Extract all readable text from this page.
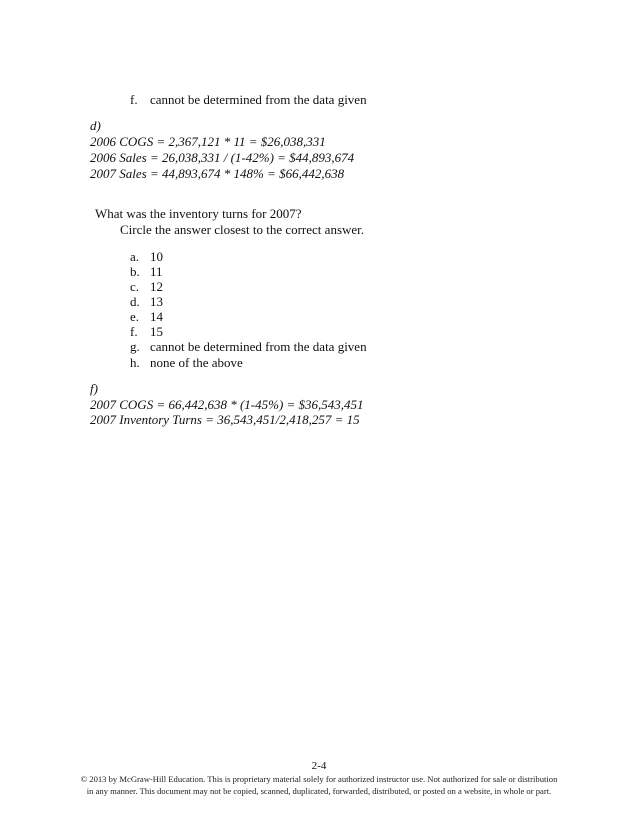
f. cannot be determined from the data given
d)
2006 COGS = 2,367,121 * 11 = $26,038,331
2006 Sales = 26,038,331 / (1-42%) = $44,893,674
2007 Sales = 44,893,674 * 148% = $66,442,638
What was the inventory turns for 2007?
Circle the answer closest to the correct answer.
a. 10
b. 11
c. 12
d. 13
e. 14
f. 15
g. cannot be determined from the data given
h. none of the above
f)
2007 COGS = 66,442,638 * (1-45%) = $36,543,451
2007 Inventory Turns = 36,543,451/2,418,257 = 15
2-4
© 2013 by McGraw-Hill Education. This is proprietary material solely for authorized instructor use. Not authorized for sale or distribution in any manner. This document may not be copied, scanned, duplicated, forwarded, distributed, or posted on a website, in whole or part.
